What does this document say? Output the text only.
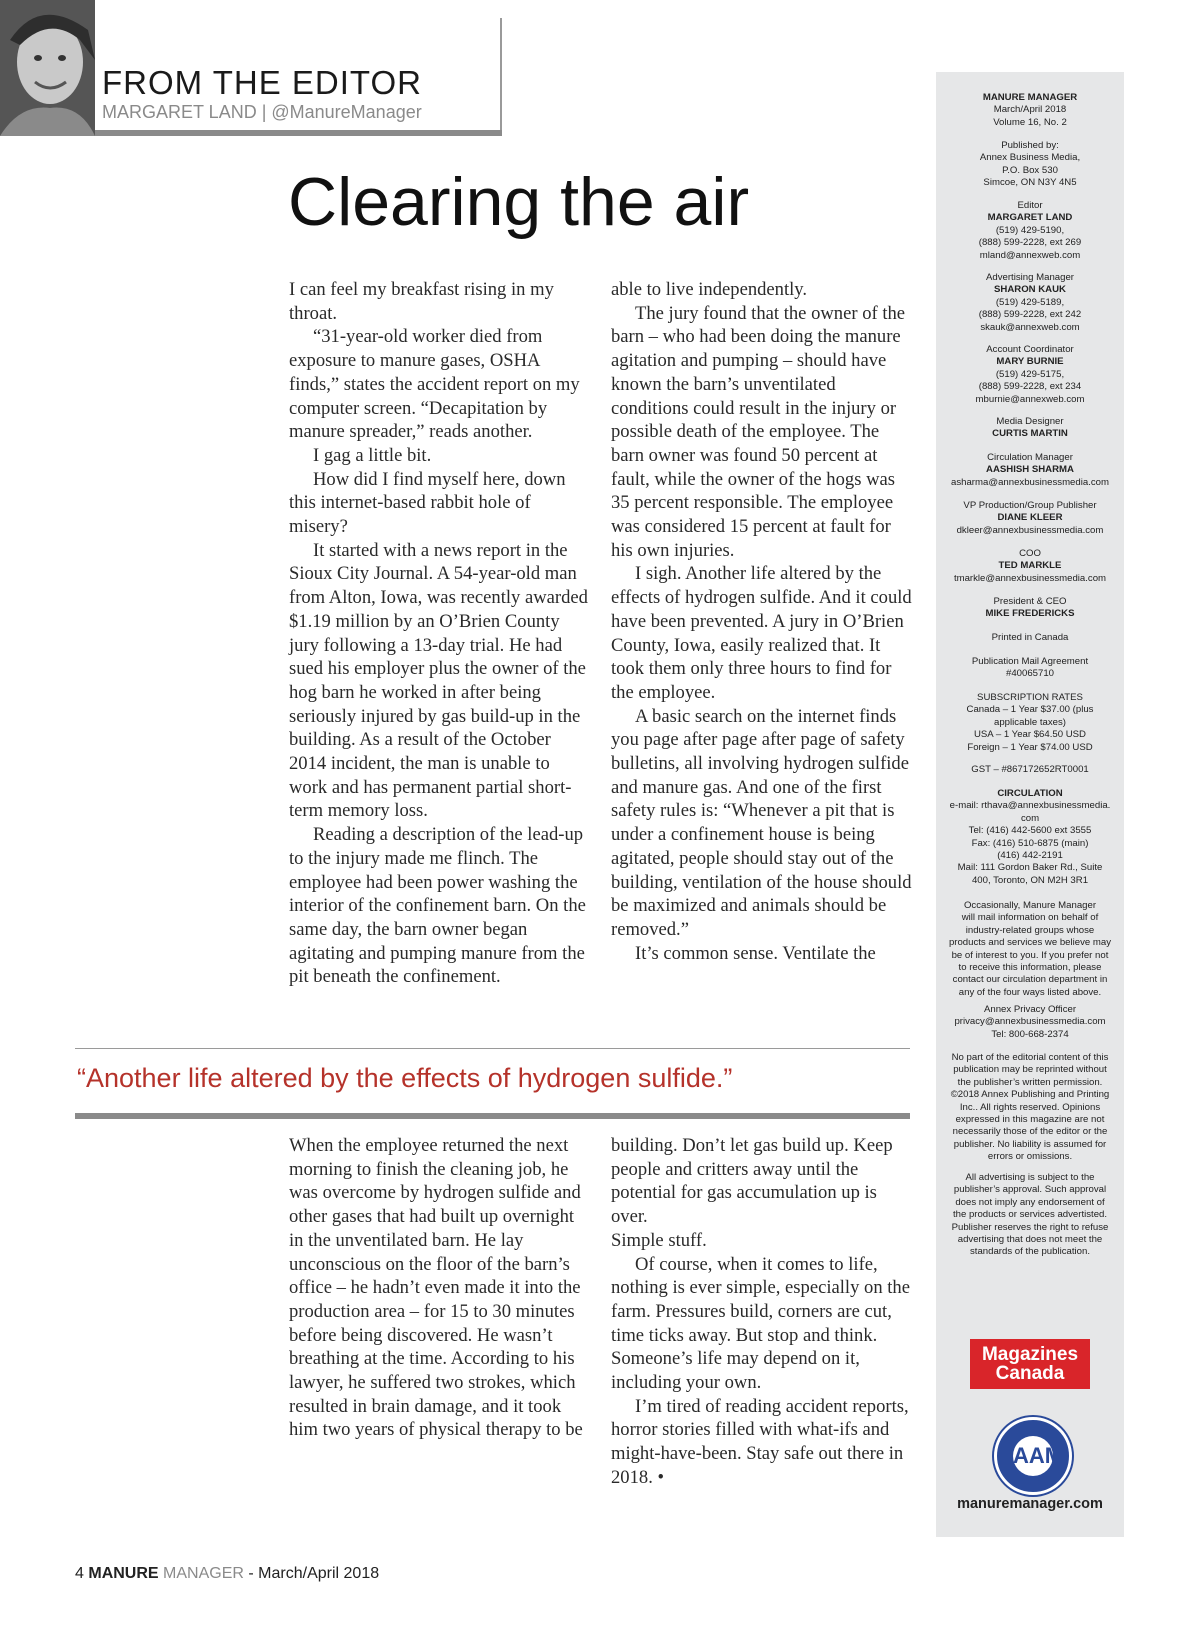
FROM THE EDITOR
MARGARET LAND | @ManureManager
Clearing the air

I can feel my breakfast rising in my throat.

“31-year-old worker died from exposure to manure gases, OSHA finds,” states the accident report on my computer screen. “Decapitation by manure spreader,” reads another.

I gag a little bit.

How did I find myself here, down this internet-based rabbit hole of misery?

It started with a news report in the Sioux City Journal. A 54-year-old man from Alton, Iowa, was recently awarded $1.19 million by an O’Brien County jury following a 13-day trial. He had sued his employer plus the owner of the hog barn he worked in after being seriously injured by gas build-up in the building. As a result of the October 2014 incident, the man is unable to work and has permanent partial short-term memory loss.

Reading a description of the lead-up to the injury made me flinch. The employee had been power washing the interior of the confinement barn. On the same day, the barn owner began agitating and pumping manure from the pit beneath the confinement.

able to live independently.

The jury found that the owner of the barn – who had been doing the manure agitation and pumping – should have known the barn’s unventilated conditions could result in the injury or possible death of the employee. The barn owner was found 50 percent at fault, while the owner of the hogs was 35 percent responsible. The employee was considered 15 percent at fault for his own injuries.

I sigh. Another life altered by the effects of hydrogen sulfide. And it could have been prevented. A jury in O’Brien County, Iowa, easily realized that. It took them only three hours to find for the employee.

A basic search on the internet finds you page after page after page of safety bulletins, all involving hydrogen sulfide and manure gas. And one of the first safety rules is: “Whenever a pit that is under a confinement house is being agitated, people should stay out of the building, ventilation of the house should be maximized and animals should be removed.”

It’s common sense. Ventilate the

“Another life altered by the effects of hydrogen sulfide.”

When the employee returned the next morning to finish the cleaning job, he was overcome by hydrogen sulfide and other gases that had built up overnight in the unventilated barn. He lay unconscious on the floor of the barn’s office – he hadn’t even made it into the production area – for 15 to 30 minutes before being discovered. He wasn’t breathing at the time. According to his lawyer, he suffered two strokes, which resulted in brain damage, and it took him two years of physical therapy to be

building. Don’t let gas build up. Keep people and critters away until the potential for gas accumulation up is over.

Simple stuff.

Of course, when it comes to life, nothing is ever simple, especially on the farm. Pressures build, corners are cut, time ticks away. But stop and think. Someone’s life may depend on it, including your own.

I’m tired of reading accident reports, horror stories filled with what-ifs and might-have-been. Stay safe out there in 2018. •

MANURE MANAGER
March/April 2018
Volume 16, No. 2
Published by:
Annex Business Media,
P.O. Box 530
Simcoe, ON N3Y 4N5
Editor
MARGARET LAND
(519) 429-5190,
(888) 599-2228, ext 269
mland@annexweb.com
Advertising Manager
SHARON KAUK
(519) 429-5189,
(888) 599-2228, ext 242
skauk@annexweb.com
Account Coordinator
MARY BURNIE
(519) 429-5175,
(888) 599-2228, ext 234
mburnie@annexweb.com
Media Designer
CURTIS MARTIN
Circulation Manager
AASHISH SHARMA
asharma@annexbusinessmedia.com
VP Production/Group Publisher
DIANE KLEER
dkleer@annexbusinessmedia.com
COO
TED MARKLE
tmarkle@annexbusinessmedia.com
President & CEO
MIKE FREDERICKS
Printed in Canada
Publication Mail Agreement
#40065710
SUBSCRIPTION RATES
Canada – 1 Year $37.00 (plus
applicable taxes)
USA – 1 Year $64.50 USD
Foreign – 1 Year $74.00 USD
GST – #867172652RT0001
CIRCULATION
e-mail: rthava@annexbusinessmedia.
com
Tel: (416) 442-5600 ext 3555
Fax: (416) 510-6875 (main)
(416) 442-2191
Mail: 111 Gordon Baker Rd., Suite
400, Toronto, ON M2H 3R1
Occasionally, Manure Manager
will mail information on behalf of
industry-related groups whose
products and services we believe may
be of interest to you. If you prefer not
to receive this information, please
contact our circulation department in
any of the four ways listed above.
Annex Privacy Officer
privacy@annexbusinessmedia.com
Tel: 800-668-2374
No part of the editorial content of this
publication may be reprinted without
the publisher’s written permission.
©2018 Annex Publishing and Printing
Inc.. All rights reserved. Opinions
expressed in this magazine are not
necessarily those of the editor or the
publisher. No liability is assumed for
errors or omissions.
All advertising is subject to the
publisher’s approval. Such approval
does not imply any endorsement of
the products or services advertisted.
Publisher reserves the right to refuse
advertising that does not meet the
standards of the publication.
Magazines Canada
AAM
manuremanager.com
4 MANURE MANAGER - March/April 2018
